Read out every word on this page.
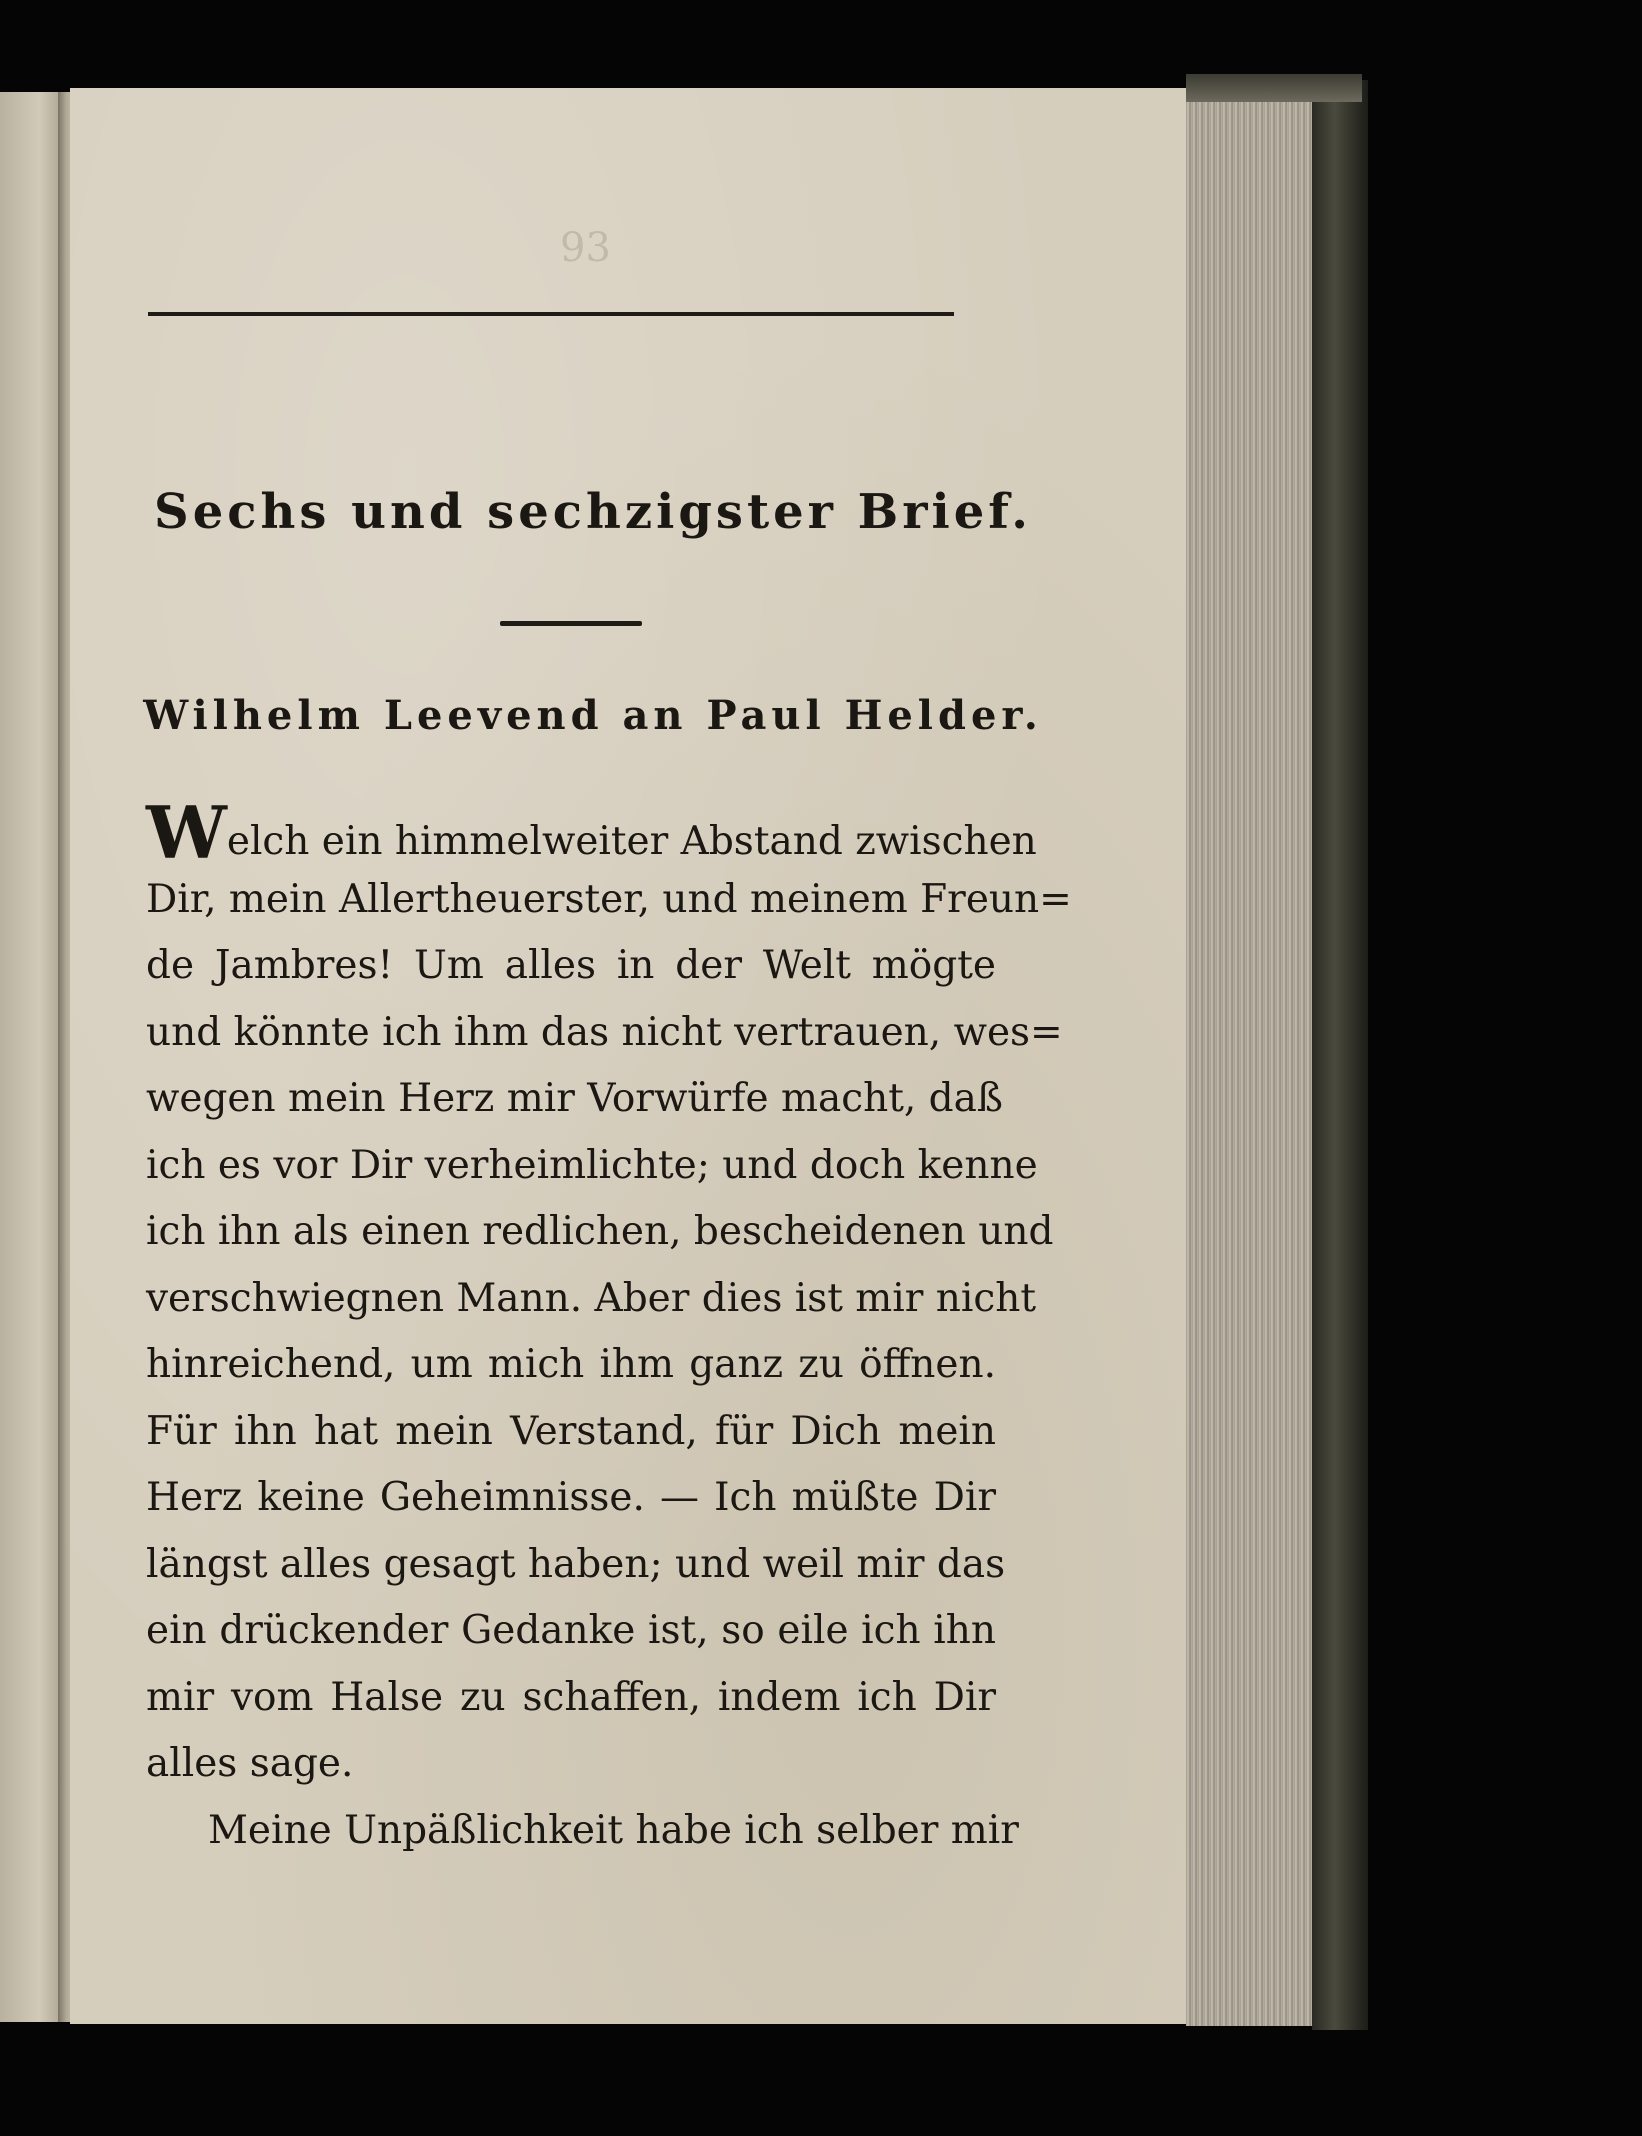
93
Sechs und sechzigster Brief.
Wilhelm Leevend an Paul Helder.
Welch ein himmelweiter Abstand zwischen
Dir, mein Allertheuerster, und meinem Freun=
de Jambres! Um alles in der Welt mögte
und könnte ich ihm das nicht vertrauen, wes=
wegen mein Herz mir Vorwürfe macht, daß
ich es vor Dir verheimlichte; und doch kenne
ich ihn als einen redlichen, bescheidenen und
verschwiegnen Mann. Aber dies ist mir nicht
hinreichend, um mich ihm ganz zu öffnen.
Für ihn hat mein Verstand, für Dich mein
Herz keine Geheimnisse. — Ich müßte Dir
längst alles gesagt haben; und weil mir das
ein drückender Gedanke ist, so eile ich ihn
mir vom Halse zu schaffen, indem ich Dir
alles sage.
Meine Unpäßlichkeit habe ich selber mir
